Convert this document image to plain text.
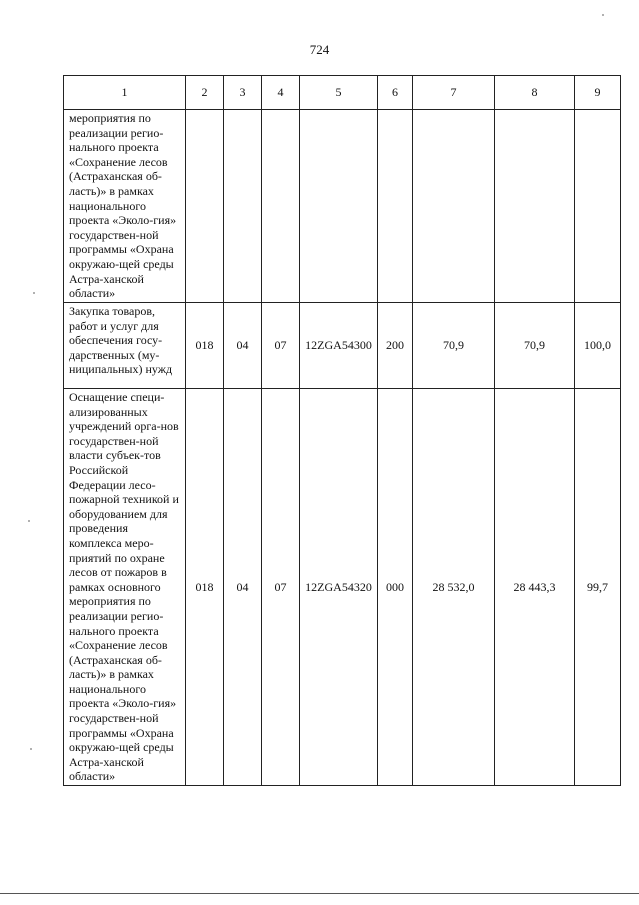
724
1	2	3	4	5	6	7	8	9
мероприятия по реализации регио-нального проекта «Сохранение лесов (Астраханская об-ласть)» в рамках национального проекта «Эколо-гия» государствен-ной программы «Охрана окружаю-щей среды Астра-ханской области»								
Закупка товаров, работ и услуг для обеспечения госу-дарственных (му-ниципальных) нужд	018	04	07	12ZGA54300	200	70,9	70,9	100,0
Оснащение специ-ализированных учреждений орга-нов государствен-ной власти субъек-тов Российской Федерации лесо-пожарной техникой и оборудованием для проведения комплекса меро-приятий по охране лесов от пожаров в рамках основного мероприятия по реализации регио-нального проекта «Сохранение лесов (Астраханская об-ласть)» в рамках национального проекта «Эколо-гия» государствен-ной программы «Охрана окружаю-щей среды Астра-ханской области»	018	04	07	12ZGA54320	000	28 532,0	28 443,3	99,7
